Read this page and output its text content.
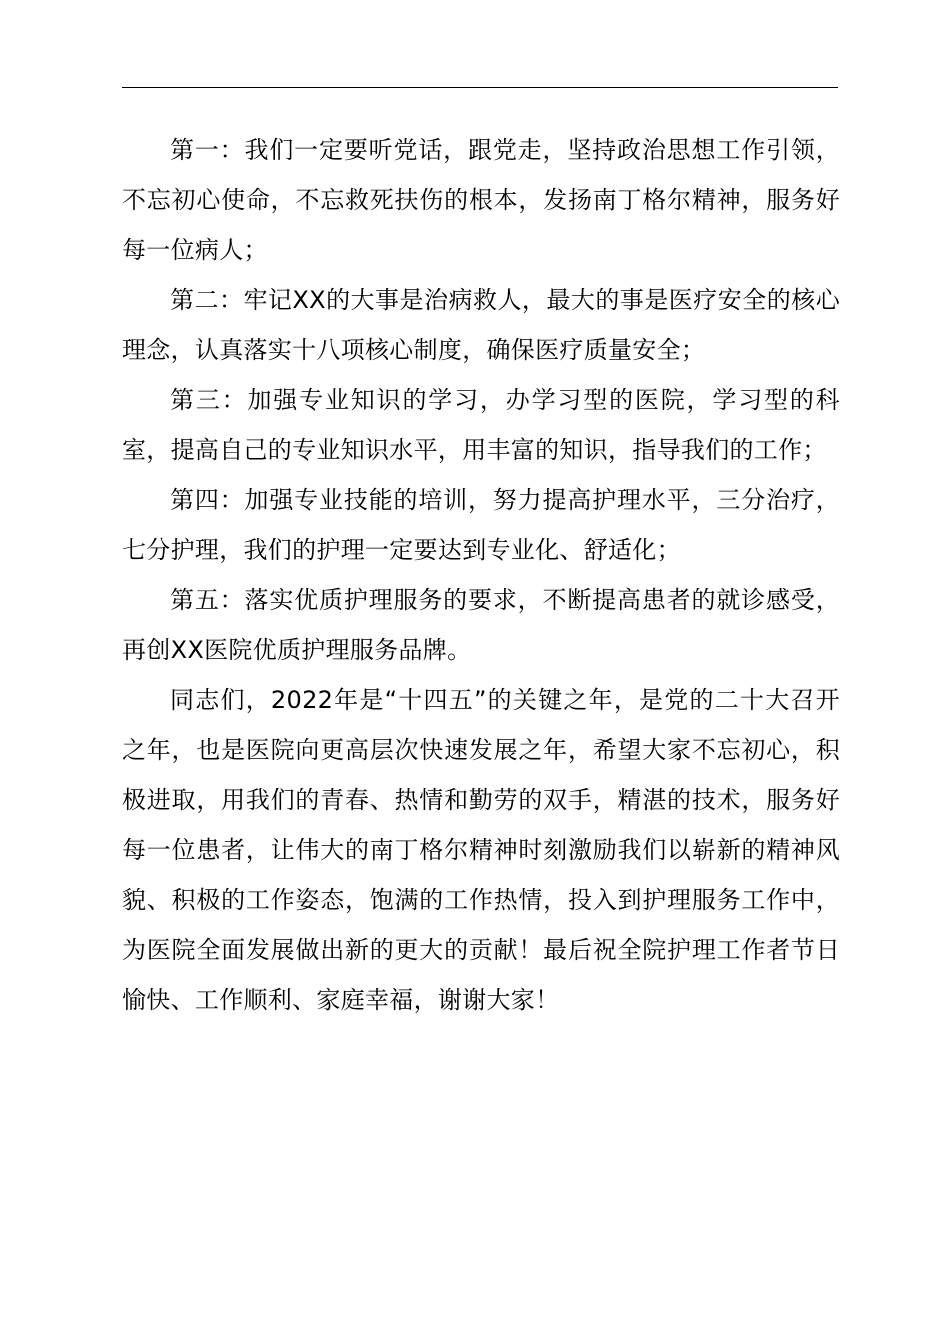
第一：我们一定要听党话，跟党走，坚持政治思想工作引领，不忘初心使命，不忘救死扶伤的根本，发扬南丁格尔精神，服务好每一位病人；

第二：牢记XX的大事是治病救人，最大的事是医疗安全的核心理念，认真落实十八项核心制度，确保医疗质量安全；

第三：加强专业知识的学习，办学习型的医院，学习型的科室，提高自己的专业知识水平，用丰富的知识，指导我们的工作；

第四：加强专业技能的培训，努力提高护理水平，三分治疗，七分护理，我们的护理一定要达到专业化、舒适化；

第五：落实优质护理服务的要求，不断提高患者的就诊感受，再创XX医院优质护理服务品牌。

同志们，2022年是“十四五”的关键之年，是党的二十大召开之年，也是医院向更高层次快速发展之年，希望大家不忘初心，积极进取，用我们的青春、热情和勤劳的双手，精湛的技术，服务好每一位患者，让伟大的南丁格尔精神时刻激励我们以崭新的精神风貌、积极的工作姿态，饱满的工作热情，投入到护理服务工作中，为医院全面发展做出新的更大的贡献！最后祝全院护理工作者节日愉快、工作顺利、家庭幸福，谢谢大家！
